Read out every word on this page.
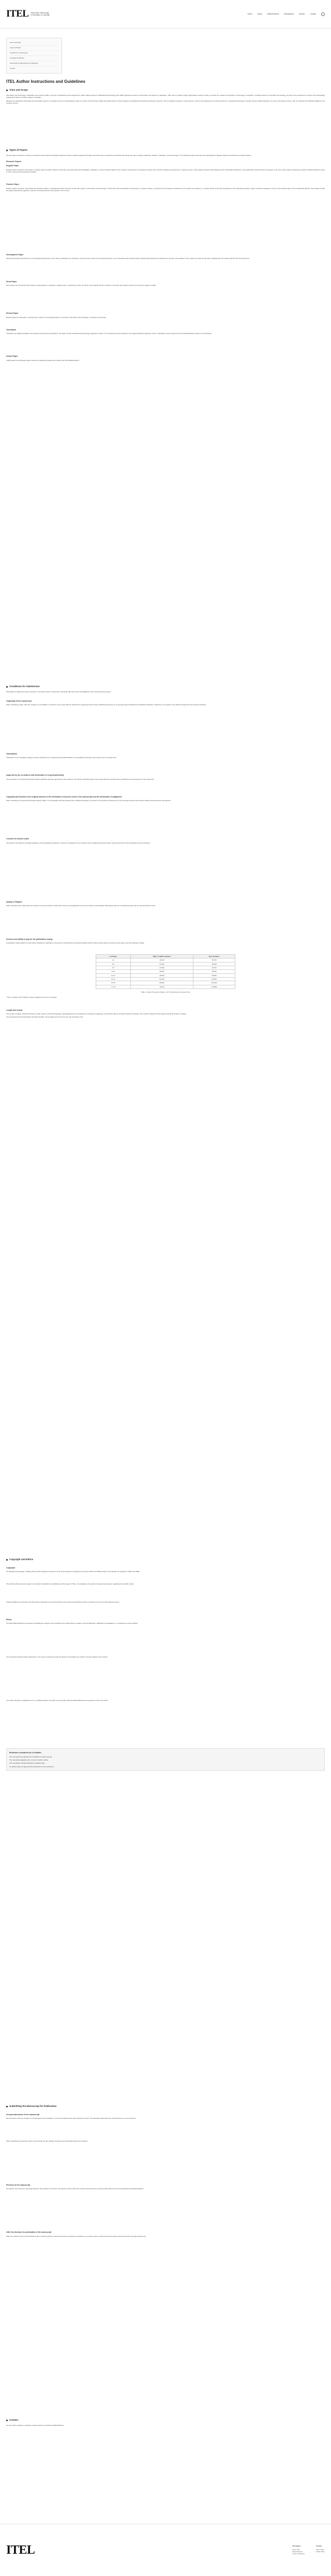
ITEL Information Technology
in Education & Learning
Home	About	Editorial Board	Submissions	Archive	Contact
Aims and Scope
Types of Papers
Conditions for Submission
Copyright and Ethics
Submitting the Manuscript for Publication
Contact
ITEL Author Instructions and Guidelines
Aims and Scope

Information and Technology in Education and Learning (ITEL) is the joint international journal supported by JSET (Japan Society for Educational Technology) and JSISE (Japanese Society for Information and Systems in Education). ITEL aims to publish original, high-quality research results to promote the research and practice of technology in education, including theories of innovation and learning, as well as the development of theory and methodology regarding the field of computer usage for education.

Because the educational technology and information systems in education focus on interdisciplinary areas, the scope of this journal is widely associated with the various aspects of educational and learning technology research, such as practical instruction, social sciences, science and engineering, the learning sciences, educational psychology, and other human-related disciplines, as well as information science, with an emphasis and artificial intelligence and cognitive science.

Types of Papers

We are happy to welcome a variety of submissions that impact the significant advances made in studies regarding information and technology in education and learning. We accept four types of papers: Research, Practice, Translation, and Invited papers. The Research papers also have four subcategories: Regular, Practice, Development, and Short papers.

Research Papers
Regular Paper

Regular papers should be manuscripts of original, rigorous studies related to information and technology with quantitative, qualitative, or mixed methods related to the research, development, and practice of learner and instructor education and learning in a variety of areas. These papers should be well designed, with considerable significance, and significantly impact theories and practice in the area. These papers should also provide a sufficient literature review in order to ground the theoretical foundation.

Practice Paper

Practice papers should be manuscripts that describe studies on educational practice and their results with regard to information and technology in formal and informal education and learning in a variety of areas, as well as how the practices contributed to the student, the audience, or another similar community. Depending on the educational practice, papers should be evaluated in terms of the practical value of the educational practice. Such papers should thoroughly describe the objective, methods, and achievements of the practice in this context.

Development Paper

Development papers should focus on technological development, and it will be evaluated on its usefulness, relevance and novelty of the developed system or tool. Developmental research papers should clearly describe the development process, and evaluation of the system must also be reported, including data and results obtained from their actual use.

Short Paper

Short papers are manuscripts that include new approaches or advances, showing early or preliminary results, as well as novel insights that are of interest in the field. Short papers should not exceed four pages in length.

Review Paper

Review papers are full-length, comprehensive reviews of the existing literature in the field of information and technology in education and learning.

Translation

Translation are English translations from papers that have been published in the Japan Journal of Educational Technology (Japanese version). The manuscript must be identical to the original published Japanese version. Translations must be approved by the Editorial Board in advance of submission.

Invited Paper

Invited papers are full-length papers written by outstanding researchers invited by the ITEL Editorial Board.

Conditions for Submission

ITEL follows a single-blind review procedure. The authors need to submit their manuscript with their names and affiliations to the web submission system.

Originality of the manuscript

When submitting a paper, with the exception of a Translation, the authors must ensure that the manuscript is original and has not been published previously nor is currently being considered for publication elsewhere. Furthermore, the authors must obtain the approval of the relevant institution.

Translations

Translations in the Translation category must be submitted to the original journal's Editorial Board. The translated manuscript must properly cite the original work.

Approval by the co-authors and declaration of no grid-authorship

The submission of a manuscript indicates that its publication has been approved by all co-authors, and that the submitting author has ensured that all co-authors have contributed to the development of the manuscript.

Copyright permissions from original authors of the information resources used in the manuscript and the declaration of plagiarism

When submitting a manuscript that includes figures, tables, or text passages that have already been published elsewhere, the authors must obtain permission(s) from the copyright owner(s) and include evidence that permission was granted.

Consent for ethical codes

The authors must abide by all ethical guidelines of the participating institutions. Consent to participate in the research must be obtained and documented, and the anonymity of the participants must be protected.

Quality of English

When submitting their manuscripts, the authors must ensure that the manuscript is free from typographical errors and is written in good English. Manuscripts that are not sufficiently clear may be returned without review.

Invoices and ability to pay for the publication charge

A publication charge applies for each article accepted for publication in the journal. Submitting the manuscript indicates that the authors have read the invoices and are able to pay the publication charge.

# of Pages	JSET or JSISE members	Non-members
1-4	16,000	28,700
5-6	21,000	36,000
7-8	27,000	43,700
9-10	36,000	56,000
11-12	43,000	69,900
13-14	54,000	84,000
15-16	66,000	104,400
17-18	78,000	124,800
Table 1: Article Processing Charge in JPY (excluding Consumption Tax)

* Note: A charge of JPY 6,000 per page is applied for every 2 more pages

Length and format

The number of pages, including the figures, tables, author portrait and biography, acknowledgements, and appendix for all types of categories, except Short papers, should be limited to 18 pages. The number of pages for Short papers should be limited to 4 pages.

The manuscript format should follow the Word template. The template can be found on the web submission form.

Copyright and Ethics
Copyright

All materials and language, including all the rights stipulated in Articles 21 to 28 of the Japanese Copyright Act, belong to JSET and JSISE. Authors must transfer the copyright to JSET and JSISE.

The authors will be deemed to agree to the author's declaration for publishing and their paper in ITEL, in consideration of an audit of an appointed reviewer regarding the scientific content.

Articles published in Information and Technology in Education and Learning will be open access and distributed under a Creative Commons 4.0 International License.

Ethics

The ITEL Editorial Board is committed to upholding the integrity of the scientific record. Misconduct in research, such as fabrication, falsification and plagiarism, is considered a serious violation.

The manuscript should provide transparency in the ways of assessment and the authors must declare any conflict of interest related to the research.

If an author discovers a significant error in a published article, the author must promptly notify the Editorial Board and cooperate to correct the article.

Behaviors considered as a violation:

The manuscript has already been published in another journal.

The manuscript plagiarizes the content of another article.

The manuscript contains fabricated or falsified data.

Co-authors have not approved the submission of the manuscript.

Submitting the Manuscript for Publication
Accept submission of the manuscript

All manuscripts, with the exception of Invited papers and Translations, must be submitted via the web submission system. The submitted manuscripts are reviewed by two or more reviewers.

When submitting a manuscript, authors must provide the title, abstract, keywords, and information about all co-authors.

Revision of the manuscript

The authors can revise the manuscript based on the reviewers' comments. The authors need to submit the revised manuscript and a response letter within the time limit specified by the Editorial Board.

After the decision for publication of the manuscript

When the authors receive the final decision letter confirming that the manuscript has been accepted for publication, the authors have to submit the camera-ready manuscript and the copyright transfer form.

Contact

For any further inquiries or questions, please feel free to contact the Editorial Board.

ITEL	Information
About ITEL
Editorial Board
Author Guidelines
Contact
JSET Office
JSISE Office
